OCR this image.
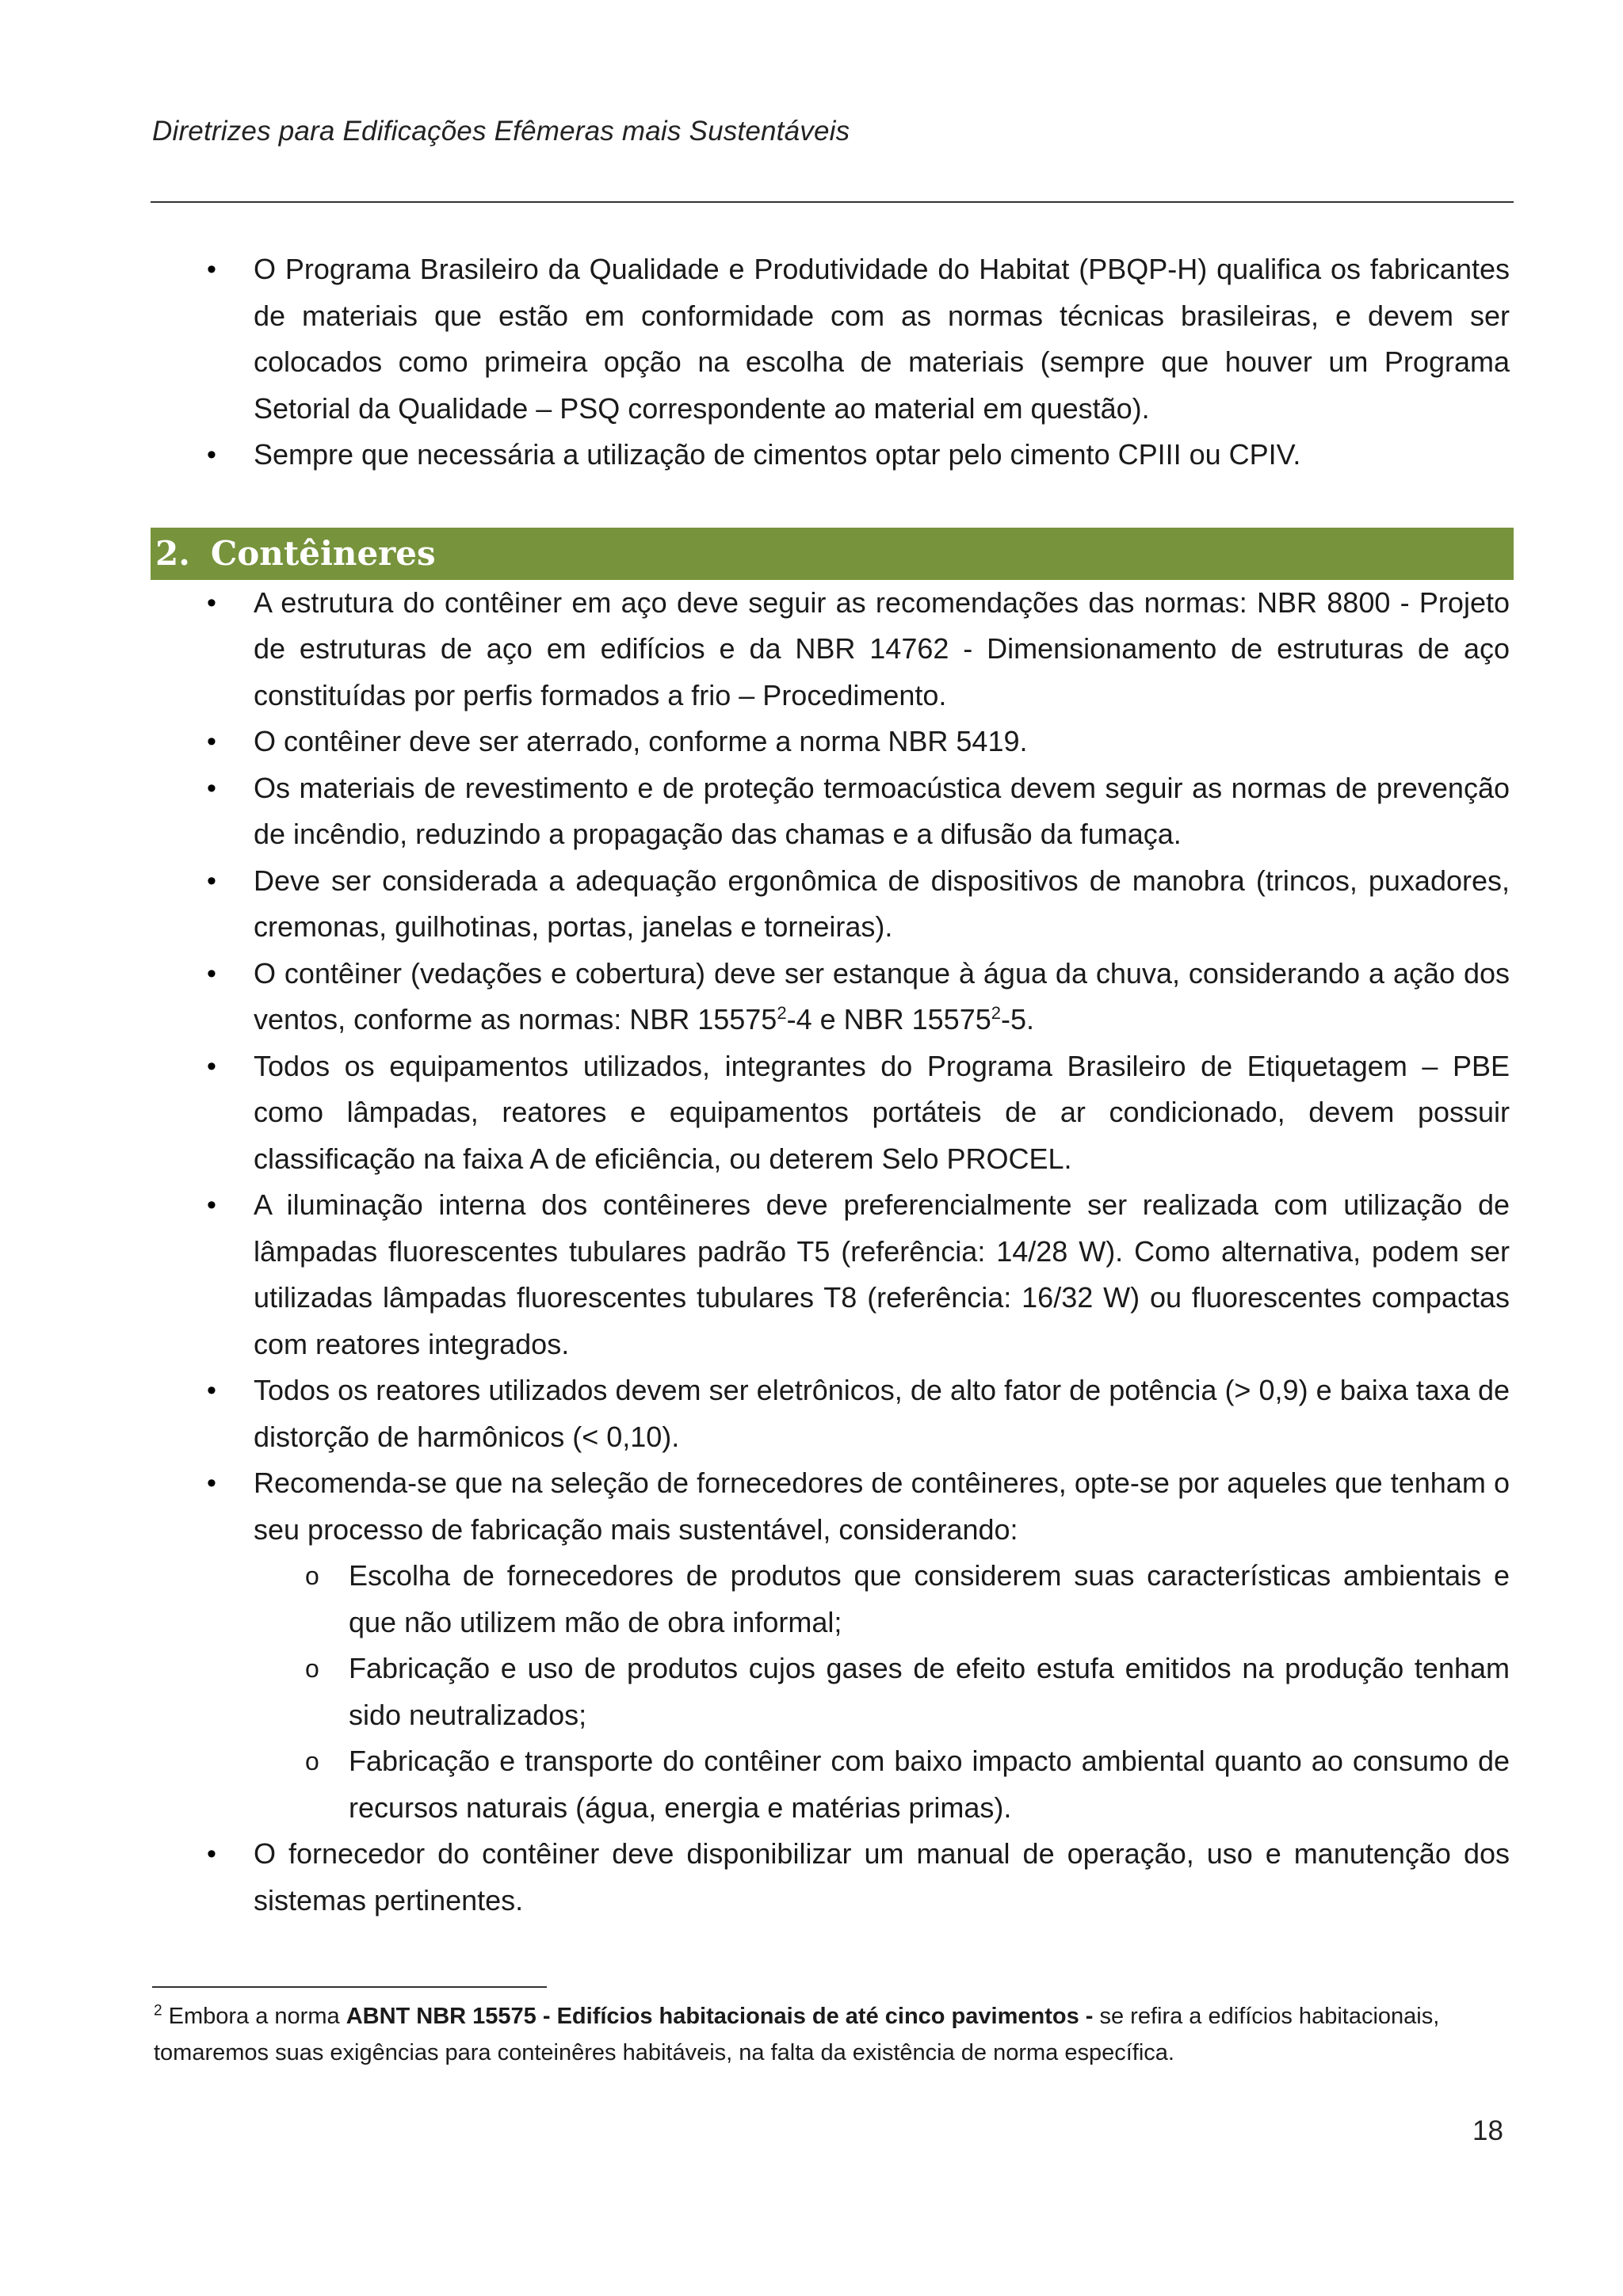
Diretrizes para Edificações Efêmeras mais Sustentáveis
• O Programa Brasileiro da Qualidade e Produtividade do Habitat (PBQP-H) qualifica os fabricantes de materiais que estão em conformidade com as normas técnicas brasileiras, e devem ser colocados como primeira opção na escolha de materiais (sempre que houver um Programa Setorial da Qualidade – PSQ correspondente ao material em questão).
• Sempre que necessária a utilização de cimentos optar pelo cimento CPIII ou CPIV.
2. Contêineres
• A estrutura do contêiner em aço deve seguir as recomendações das normas: NBR 8800 - Projeto de estruturas de aço em edifícios e da NBR 14762 - Dimensionamento de estruturas de aço constituídas por perfis formados a frio – Procedimento.
• O contêiner deve ser aterrado, conforme a norma NBR 5419.
• Os materiais de revestimento e de proteção termoacústica devem seguir as normas de prevenção de incêndio, reduzindo a propagação das chamas e a difusão da fumaça.
• Deve ser considerada a adequação ergonômica de dispositivos de manobra (trincos, puxadores, cremonas, guilhotinas, portas, janelas e torneiras).
• O contêiner (vedações e cobertura) deve ser estanque à água da chuva, considerando a ação dos ventos, conforme as normas: NBR 15575$^2$-4 e NBR 15575$^2$-5.
• Todos os equipamentos utilizados, integrantes do Programa Brasileiro de Etiquetagem – PBE como lâmpadas, reatores e equipamentos portáteis de ar condicionado, devem possuir classificação na faixa A de eficiência, ou deterem Selo PROCEL.
• A iluminação interna dos contêineres deve preferencialmente ser realizada com utilização de lâmpadas fluorescentes tubulares padrão T5 (referência: 14/28 W). Como alternativa, podem ser utilizadas lâmpadas fluorescentes tubulares T8 (referência: 16/32 W) ou fluorescentes compactas com reatores integrados.
• Todos os reatores utilizados devem ser eletrônicos, de alto fator de potência (> 0,9) e baixa taxa de distorção de harmônicos (< 0,10).
• Recomenda-se que na seleção de fornecedores de contêineres, opte-se por aqueles que tenham o seu processo de fabricação mais sustentável, considerando:
o Escolha de fornecedores de produtos que considerem suas características ambientais e que não utilizem mão de obra informal;
o Fabricação e uso de produtos cujos gases de efeito estufa emitidos na produção tenham sido neutralizados;
o Fabricação e transporte do contêiner com baixo impacto ambiental quanto ao consumo de recursos naturais (água, energia e matérias primas).
• O fornecedor do contêiner deve disponibilizar um manual de operação, uso e manutenção dos sistemas pertinentes.
$^2$ Embora a norma ABNT NBR 15575 - Edifícios habitacionais de até cinco pavimentos - se refira a edifícios habitacionais, tomaremos suas exigências para conteinêres habitáveis, na falta da existência de norma específica.
18
